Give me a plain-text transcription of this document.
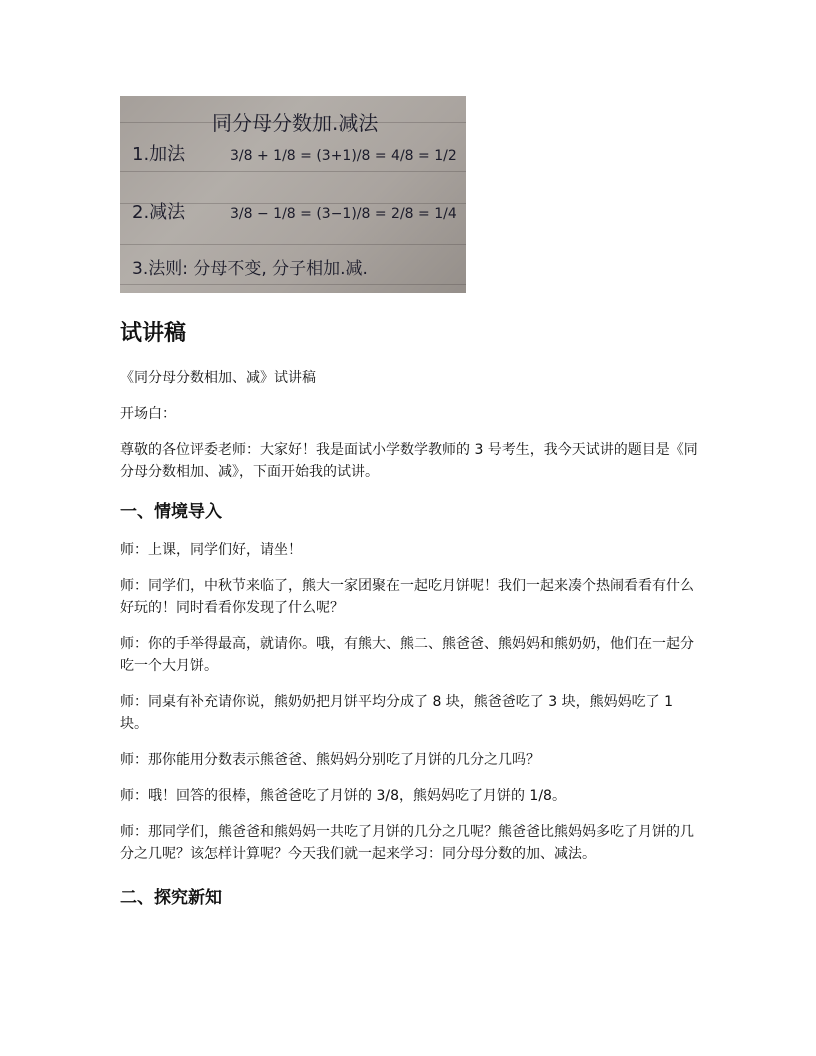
同分母分数加.减法
1.加法	3/8 + 1/8 = (3+1)/8 = 4/8 = 1/2
2.减法	3/8 − 1/8 = (3−1)/8 = 2/8 = 1/4
3.法则: 分母不变, 分子相加.减.
试讲稿

《同分母分数相加、减》试讲稿

开场白：

尊敬的各位评委老师：大家好！我是面试小学数学教师的 3 号考生，我今天试讲的题目是《同分母分数相加、减》，下面开始我的试讲。

一、情境导入

师：上课，同学们好，请坐！

师：同学们，中秋节来临了，熊大一家团聚在一起吃月饼呢！我们一起来凑个热闹看看有什么好玩的！同时看看你发现了什么呢？

师：你的手举得最高，就请你。哦，有熊大、熊二、熊爸爸、熊妈妈和熊奶奶，他们在一起分吃一个大月饼。

师：同桌有补充请你说，熊奶奶把月饼平均分成了 8 块，熊爸爸吃了 3 块，熊妈妈吃了 1 块。

师：那你能用分数表示熊爸爸、熊妈妈分别吃了月饼的几分之几吗？

师：哦！回答的很棒，熊爸爸吃了月饼的 3/8，熊妈妈吃了月饼的 1/8。

师：那同学们，熊爸爸和熊妈妈一共吃了月饼的几分之几呢？熊爸爸比熊妈妈多吃了月饼的几分之几呢？该怎样计算呢？今天我们就一起来学习：同分母分数的加、减法。

二、探究新知
